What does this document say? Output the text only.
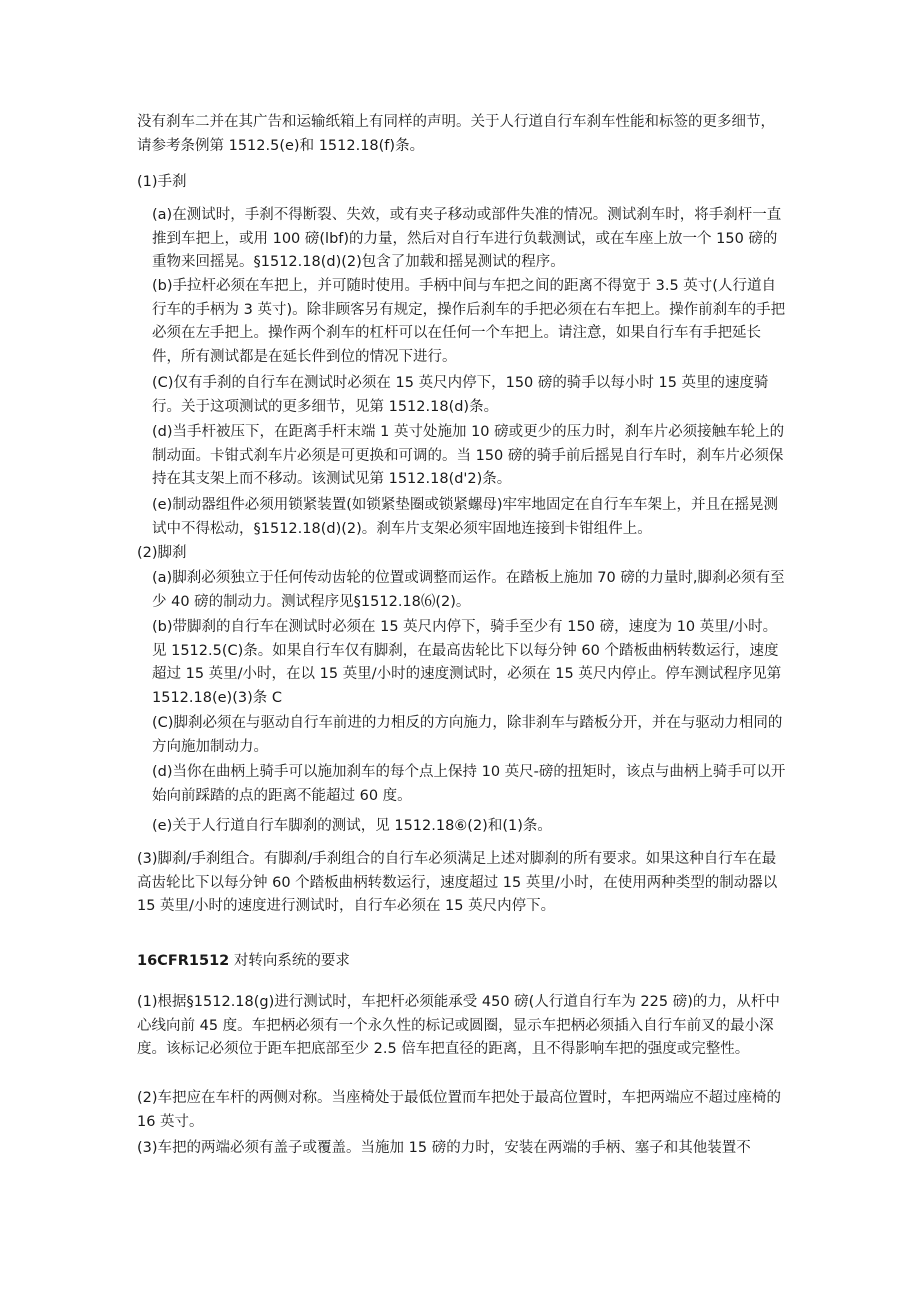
没有刹车二并在其广告和运输纸箱上有同样的声明。关于人行道自行车刹车性能和标签的更多细节，请参考条例第 1512.5(e)和 1512.18(f)条。

(1)手刹

(a)在测试时，手刹不得断裂、失效，或有夹子移动或部件失准的情况。测试刹车时，将手刹杆一直推到车把上，或用 100 磅(lbf)的力量，然后对自行车进行负载测试，或在车座上放一个 150 磅的重物来回摇晃。§1512.18(d)(2)包含了加载和摇晃测试的程序。

(b)手拉杆必须在车把上，并可随时使用。手柄中间与车把之间的距离不得宽于 3.5 英寸(人行道自行车的手柄为 3 英寸)。除非顾客另有规定，操作后刹车的手把必须在右车把上。操作前刹车的手把必须在左手把上。操作两个刹车的杠杆可以在任何一个车把上。请注意，如果自行车有手把延长件，所有测试都是在延长件到位的情况下进行。

(C)仅有手刹的自行车在测试时必须在 15 英尺内停下，150 磅的骑手以每小时 15 英里的速度骑行。关于这项测试的更多细节，见第 1512.18(d)条。

(d)当手杆被压下，在距离手杆末端 1 英寸处施加 10 磅或更少的压力时，刹车片必须接触车轮上的制动面。卡钳式刹车片必须是可更换和可调的。当 150 磅的骑手前后摇晃自行车时，刹车片必须保持在其支架上而不移动。该测试见第 1512.18(d'2)条。

(e)制动器组件必须用锁紧装置(如锁紧垫圈或锁紧螺母)牢牢地固定在自行车车架上，并且在摇晃测试中不得松动，§1512.18(d)(2)。刹车片支架必须牢固地连接到卡钳组件上。

(2)脚刹

(a)脚刹必须独立于任何传动齿轮的位置或调整而运作。在踏板上施加 70 磅的力量时,脚刹必须有至少 40 磅的制动力。测试程序见§1512.18⑹(2)。

(b)带脚刹的自行车在测试时必须在 15 英尺内停下，骑手至少有 150 磅，速度为 10 英里/小时。见 1512.5(C)条。如果自行车仅有脚刹，在最高齿轮比下以每分钟 60 个踏板曲柄转数运行，速度超过 15 英里/小时，在以 15 英里/小时的速度测试时，必须在 15 英尺内停止。停车测试程序见第 1512.18(e)(3)条 C

(C)脚刹必须在与驱动自行车前进的力相反的方向施力，除非刹车与踏板分开，并在与驱动力相同的方向施加制动力。

(d)当你在曲柄上骑手可以施加刹车的每个点上保持 10 英尺-磅的扭矩时，该点与曲柄上骑手可以开始向前踩踏的点的距离不能超过 60 度。

(e)关于人行道自行车脚刹的测试，见 1512.18⑥(2)和(1)条。

(3)脚刹/手刹组合。有脚刹/手刹组合的自行车必须满足上述对脚刹的所有要求。如果这种自行车在最高齿轮比下以每分钟 60 个踏板曲柄转数运行，速度超过 15 英里/小时，在使用两种类型的制动器以 15 英里/小时的速度进行测试时，自行车必须在 15 英尺内停下。

16CFR1512 对转向系统的要求

(1)根据§1512.18(g)进行测试时，车把杆必须能承受 450 磅(人行道自行车为 225 磅)的力，从杆中心线向前 45 度。车把柄必须有一个永久性的标记或圆圈，显示车把柄必须插入自行车前叉的最小深度。该标记必须位于距车把底部至少 2.5 倍车把直径的距离，且不得影响车把的强度或完整性。

(2)车把应在车杆的两侧对称。当座椅处于最低位置而车把处于最高位置时，车把两端应不超过座椅的 16 英寸。

(3)车把的两端必须有盖子或覆盖。当施加 15 磅的力时，安装在两端的手柄、塞子和其他装置不
